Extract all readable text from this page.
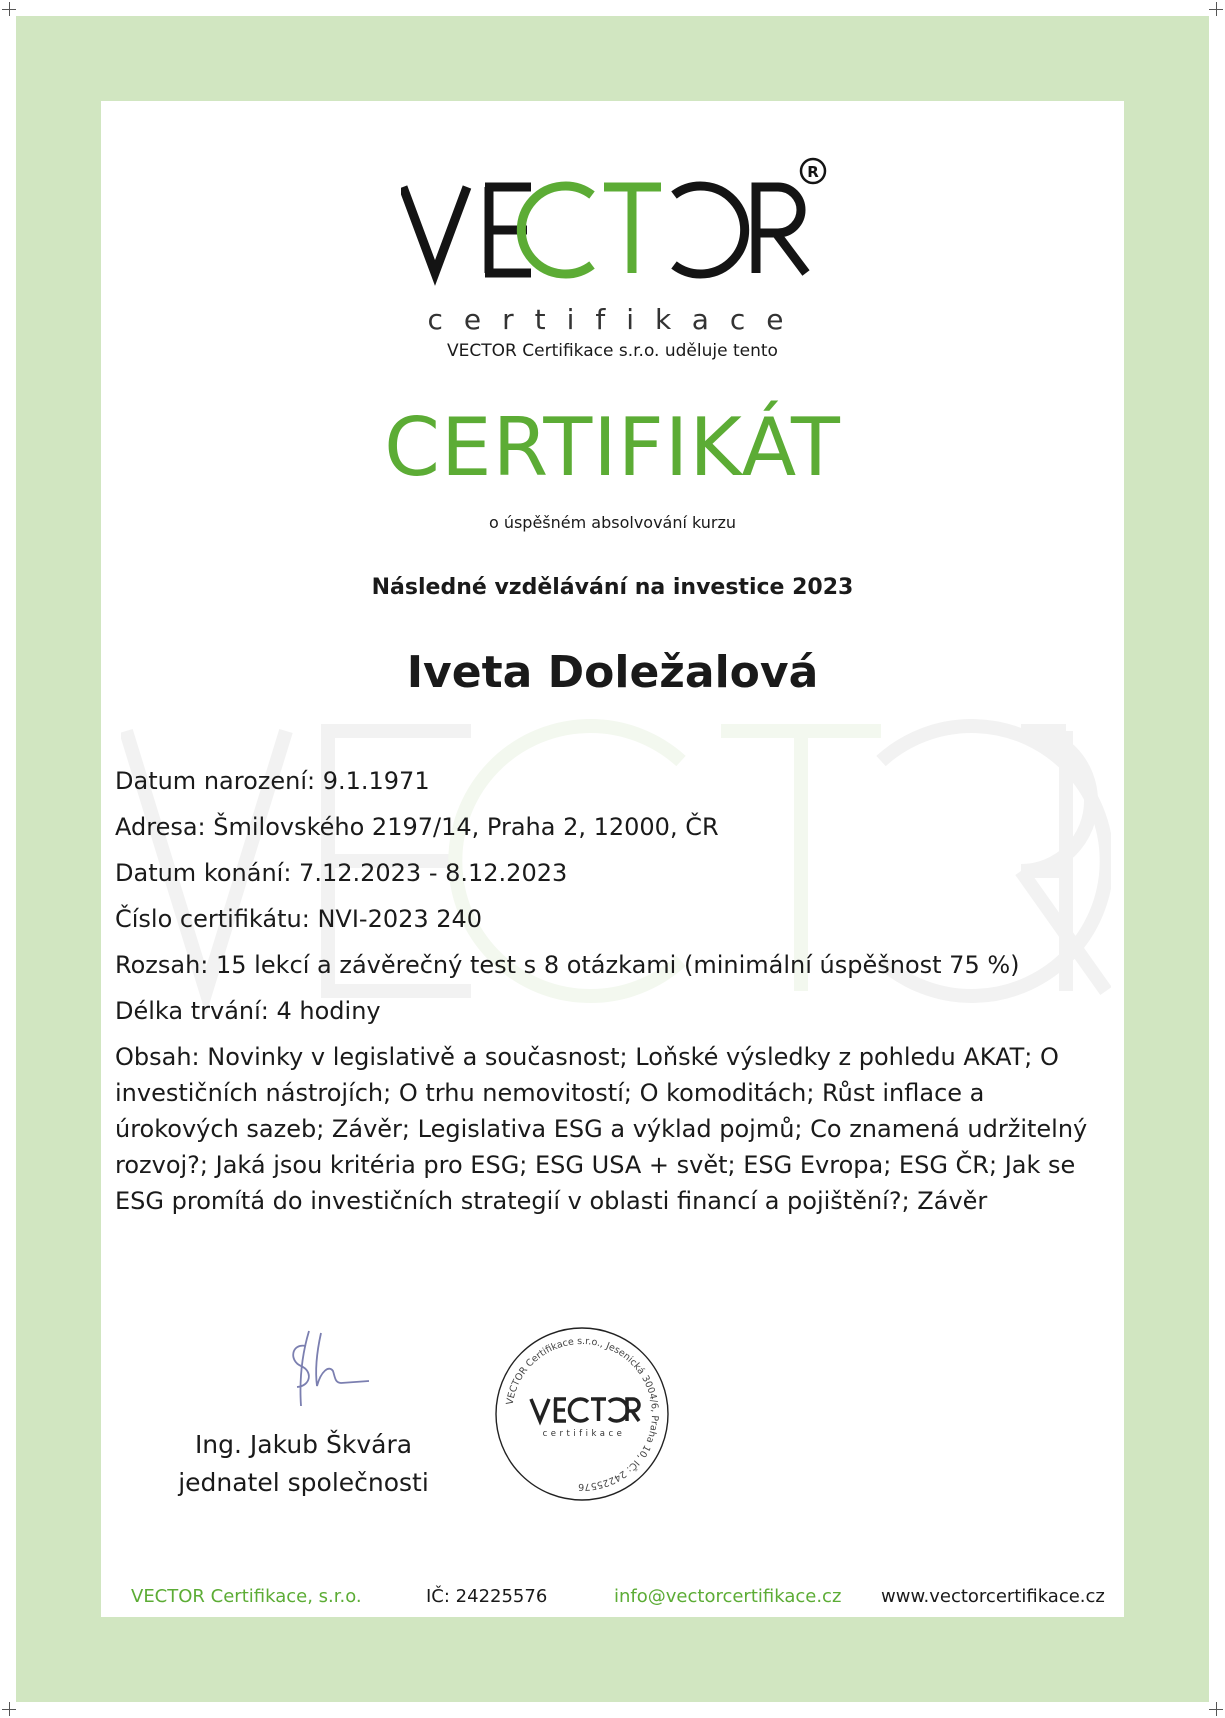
R
certifikace
VECTOR Certifikace s.r.o. uděluje tento
CERTIFIKÁT
o úspěšném absolvování kurzu
Následné vzdělávání na investice 2023
Iveta Doležalová
Datum narození: 9.1.1971
Adresa: Šmilovského 2197/14, Praha 2, 12000, ČR
Datum konání: 7.12.2023 - 8.12.2023
Číslo certifikátu: NVI-2023 240
Rozsah: 15 lekcí a závěrečný test s 8 otázkami (minimální úspěšnost 75 %)
Délka trvání: 4 hodiny
Obsah: Novinky v legislativě a současnost; Loňské výsledky z pohledu AKAT; O investičních nástrojích; O trhu nemovitostí; O komoditách; Růst inflace a úrokových sazeb; Závěr; Legislativa ESG a výklad pojmů; Co znamená udržitelný rozvoj?; Jaká jsou kritéria pro ESG; ESG USA + svět; ESG Evropa; ESG ČR; Jak se ESG promítá do investičních strategií v oblasti financí a pojištění?; Závěr
Ing. Jakub Škvára
jednatel společnosti
VECTOR Certifikace s.r.o., Jesenická 3004/6, Praha 10, IČ: 24225576
certifikace
VECTOR Certifikace, s.r.o.	IČ: 24225576	info@vectorcertifikace.cz www.vectorcertifikace.cz
